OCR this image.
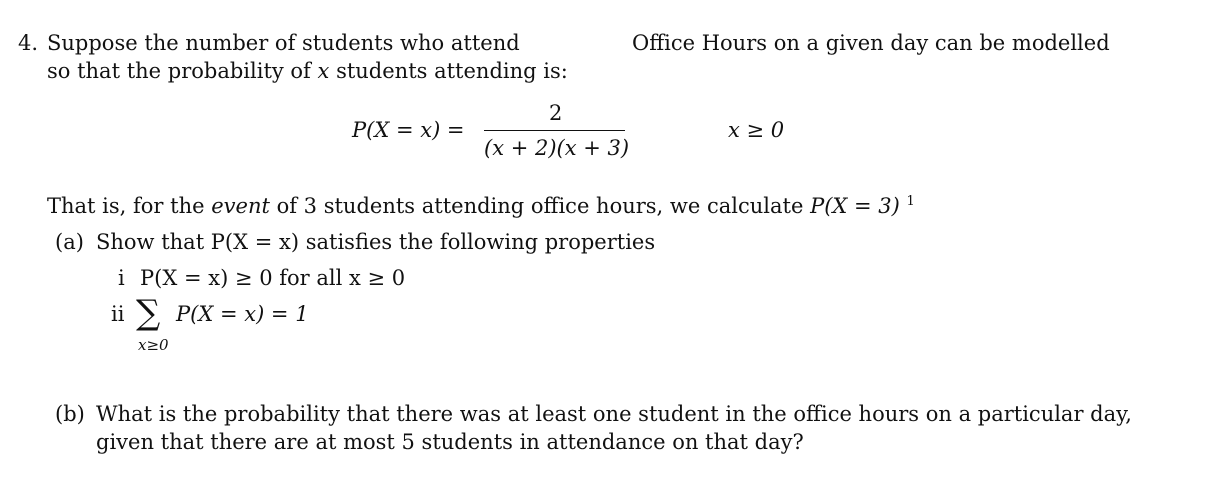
4. Suppose the number of students who attend	Office Hours on a given day can be modelled
so that the probability of x students attending is:
P(X = x) =
2
(x + 2)(x + 3)
x ≥ 0
That is, for the event of 3 students attending office hours, we calculate P(X = 3) $^1$
(a) Show that P(X = x) satisfies the following properties
i P(X = x) ≥ 0 for all x ≥ 0
ii ∑ P(X = x) = 1
x≥0
(b) What is the probability that there was at least one student in the office hours on a particular day,
given that there are at most 5 students in attendance on that day?
